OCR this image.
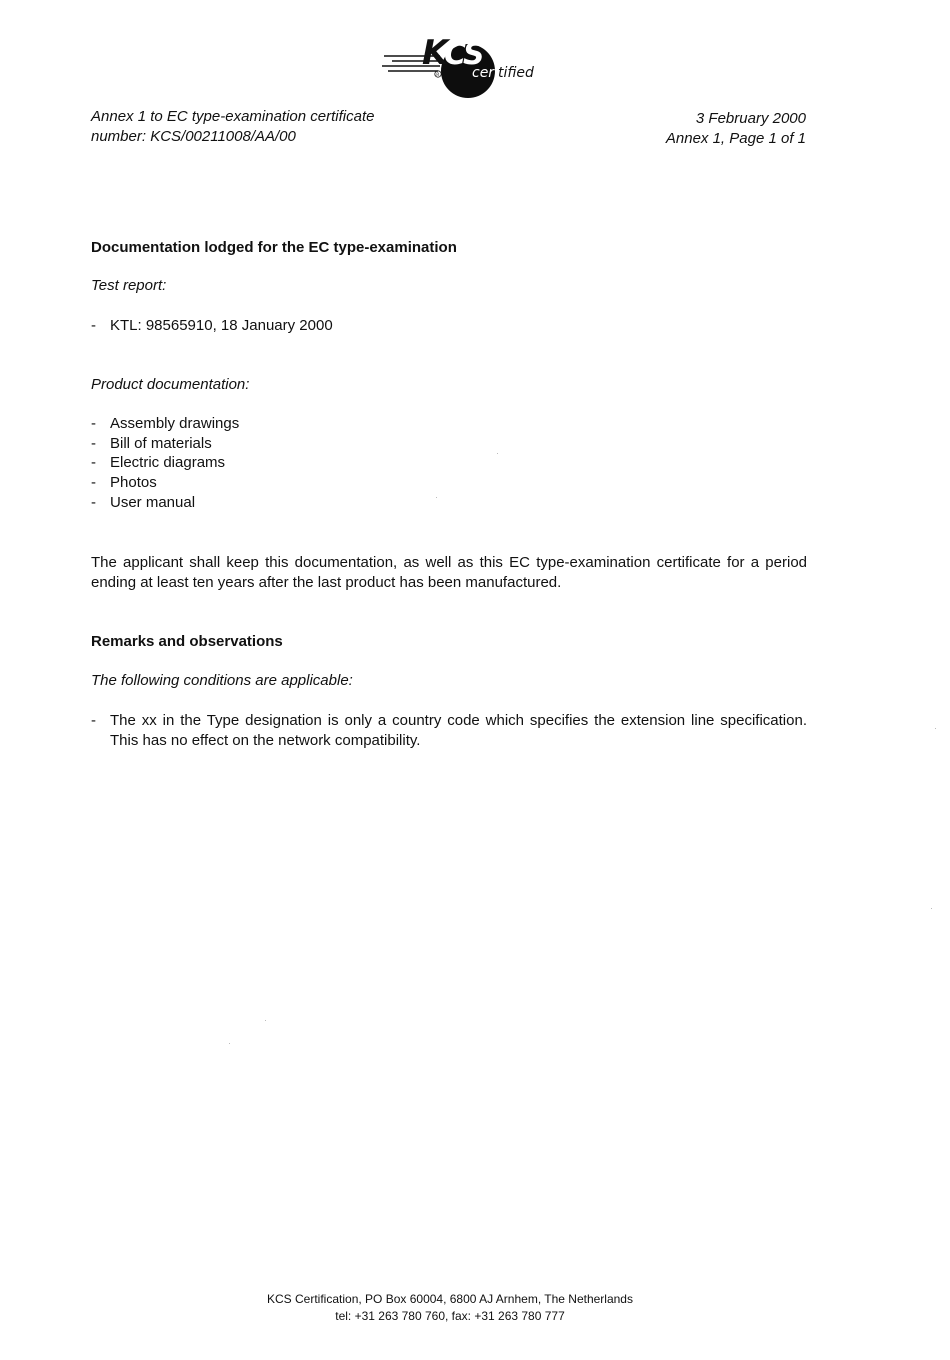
K
CS
R cer tified
Annex 1 to EC type-examination certificate
number: KCS/00211008/AA/00
3 February 2000
Annex 1, Page 1 of 1
Documentation lodged for the EC type-examination
Test report:
- KTL: 98565910, 18 January 2000
Product documentation:
- Assembly drawings
- Bill of materials
- Electric diagrams
- Photos
- User manual
The applicant shall keep this documentation, as well as this EC type-examination certificate for a period ending at least ten years after the last product has been manufactured.
Remarks and observations
The following conditions are applicable:
- The xx in the Type designation is only a country code which specifies the extension line specification. This has no effect on the network compatibility.
KCS Certification, PO Box 60004, 6800 AJ Arnhem, The Netherlands
tel: +31 263 780 760, fax: +31 263 780 777
